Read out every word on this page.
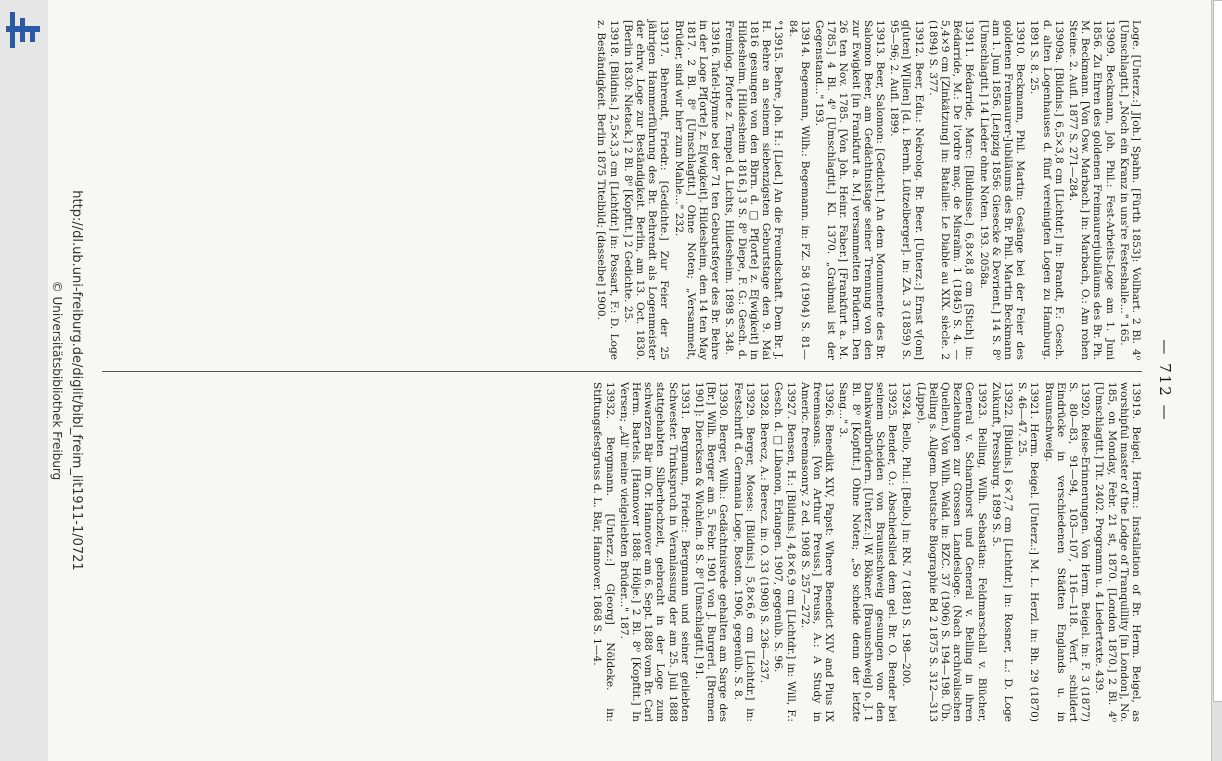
— 712 —

Loge. [Unterz.:] J[oh.] Spahn. [Fürth 1853]: Vollhart. 2 Bl. 4⁰ [Umschlagtit.] „Noch ein Kranz in uns're Festeshalle..." 165.

13909. Beckmann, Joh. Phil.: Fest-Arbeits-Loge am 1. Juni 1856. Zu Ehren des goldenen Freimaurerjubiläums des Br. Ph. M. Beckmann. [Von Osw. Marbach.] in: Marbach, O.: Am rohen Steine. 2. Aufl. 1877 S. 271—284.

13909a. [Bildnis.] 6,5×3,8 cm [Lichtdr.] in: Brandt, F.: Gesch. d. alten Logenhauses d. fünf vereinigten Logen zu Hamburg. 1891 S. 8. 25.

13910. Beckmann, Phil. Martin: Gesänge bei der Feier des goldenen Freimaurer-Jubiläums des Br. Phil. Martin Beckmann am 1. Juni 1856. [Leipzig 1856: Giesecke & Devrient.] 14 S. 8⁰ [Umschlagtit.] 14 Lieder ohne Noten. 193. 2058a.

13911. Bédarride, Marc: [Bildnisse.] 6,8×8,8 cm [Stich] in: Bédarride, M.: De l'ordre maç. de Misraïm. 1 (1845) S. 4. — 5,4×9 cm [Zinkätzung] in: Bataille: Le Diable au XIX. siècle. 2 (1894) S. 377.

13912. Beer, Edu.: Nekrolog. Br. Beer. [Unterz.:] Ernst v[om] g[uten] W[illen] [d. i. Bernh. Lützelberger]. in: ZA. 3 (1859) S. 95—96; 2. Aufl. 1899.

13913. Beer, Salomon: [Gedicht.] An dem Monumente des Br. Salomon Beer, am Gedächtnistage seiner Trennung von den zur Ewigkeit [in Frankfurt a. M.] versammelten Brüdern. Den 26 ten Nov. 1785. [Von Joh. Heinr. Faber.] [Frankfurt a. M. 1785.] 4 Bl. 4⁰ [Umschlagtit.] Kl. 1370. „Grabmal ist der Gegenstand..." 193.

13914. Begemann, Wilh.: Begemann. in: FZ. 58 (1904) S. 81—84.

°13915. Behre, Joh. H.: [Lied.] An die Freundschaft. Dem Br. J. H. Behre an seinem siebenzigsten Geburtstage den 9. Mai 1816 gesungen von den Bbrn. d. □ Pf[orte] z. E[wigkeit] in Hildesheim. [Hildesheim 1816.] 3 S. 8⁰ Diepe, F. G.: Gesch. d. Freimlog. Pforte z. Tempel d. Lichts, Hildesheim. 1898 S. 348.

13916. Tafel-Hymne bei der 71 ten Geburtsfeyer des Br. Behre in der Loge Pf[orte] z. E[wigkeit]. Hildesheim, den 14 ten May 1817. 2 Bl. 8⁰ [Umschlagtit.] Ohne Noten; „Versammelt, Brüder, sind wir hier zum Mahle..." 232.

13917. Behrendt, Friedr.: [Gedichte.] Zur Feier der 25 jährigen Hammerführung des Br. Behrendt als Logenmeister der ehrw. Loge zur Beständigkeit. Berlin, am 13. Oct. 1830. [Berlin 1830: Nietack.] 2 Bl. 8⁰ [Kopftit.] 2 Gedichte. 25.

13918. [Bildnis.] 2,5×3,3 cm [Lichtdr.] in: Possart, F.: D. Loge z. Beständigkeit. Berlin 1875 Titelbild; [dasselbe] 1900.

13919. Beigel, Herm.: Installation of Br. Herm. Beigel, as worshipful master of the Lodge of Tranquillity [in London], No. 185, on Monday, Febr. 21 st, 1870. [London 1870.] 2 Bl. 4⁰ [Umschlagtit.] Tit. 2402. Programm u. 4 Liedertexte. 439.

13920. Reise-Erinnerungen. Von Herm. Beigel. in: F. 3 (1877) S. 80—83, 91—94, 103—107, 116—118. Verf. schildert Eindrücke in verschiedenen Städten Englands u. in Braunschweig.

13921. Herm. Beigel. [Unterz.:] M. L. Herzl. in: Bh. 29 (1870) S. 46—47. 25.

13922. [Bildnis.] 6×7,7 cm [Lichtdr.] in: Rosner, L.: D. Loge Zukunft, Pressburg. 1899 S. 5.

13923. Belling, Wilh. Sebastian: Feldmarschall v. Blücher, General v. Scharnhorst und General v. Belling in ihren Beziehungen zur Grossen Landesloge. (Nach archivalischen Quellen.) Von Wilh. Wald. in: BZC. 37 (1906) S. 194—198. Üb. Belling s. Allgem. Deutsche Biographie Bd 2 1875 S. 312—313 (Lippe).

13924. Bello, Phil.: [Bello.] in: RN. 7 (1881) S. 198—200.

13925. Bender, O.: Abschiedslied dem gel. Br. O. Bender bei seinem Scheiden von Braunschweig gesungen von den Dankwardbrüdern. [Unterz.:] W. Bökner. [Braunschweig] o. J. 1 Bl. 8⁰ [Kopftit.] Ohne Noten; „So scheide denn der letzte Sang..." 3.

13926. Benedikt XIV, Papst: Where Benedict XIV and Pius IX freemasons. [Von Arthur Preuss.] Preuss, A.: A Study in Americ. freemasonry. 2 ed. 1908 S. 257—272.

13927. Bensen, H.: [Bildnis.] 4,8×6,9 cm [Lichtdr.] in: Will, F.: Gesch. d. □ Libanon, Erlangen. 1907, gegenüb. S. 96.

13928. Berecz, A.: Berecz. in: O. 33 (1908) S. 236—237.

13929. Berger, Moses: [Bildnis.] 5,8×6,6 cm [Lichtdr.] in: Festschrift d. Germania Loge, Boston. 1906, gegenüb. S. 8.

13930. Berger, Wilh.: Gedächtnisrede gehalten am Sarge des [Br.] Wilh. Berger am 5. Febr. 1901 von J. Burgerl. [Bremen 1901]: Diercksen & Wichlein. 8 S. 8⁰ [Umschlagtit.] 91.

13931. Bergmann, Friedr.: Bergmann und seiner geliebten Schwester. Trinkspruch in Veranlassung der am 25. Juli 1888 stattgehabten Silberhochzeit, gebracht in der Loge zum schwarzen Bär im Or. Hannover am 6. Sept. 1888 vom Br. Carl Herm. Bartels. [Hannover 1888: Hölje.] 2 Bl. 8⁰ [Kopftit.] In Versen; „All' meine vielgeliebten Brüder..." 187.

13932. Bergmann. [Unterz.:] G[eorg] Nöldeke. in: Stiftungsfestgruss d. L. Bär, Hannover. 1868 S. 1—4.

http://dl.ub.uni-freiburg.de/diglit/bibl_freim_lit1911-1/0721
© Universitätsbibliothek Freiburg
